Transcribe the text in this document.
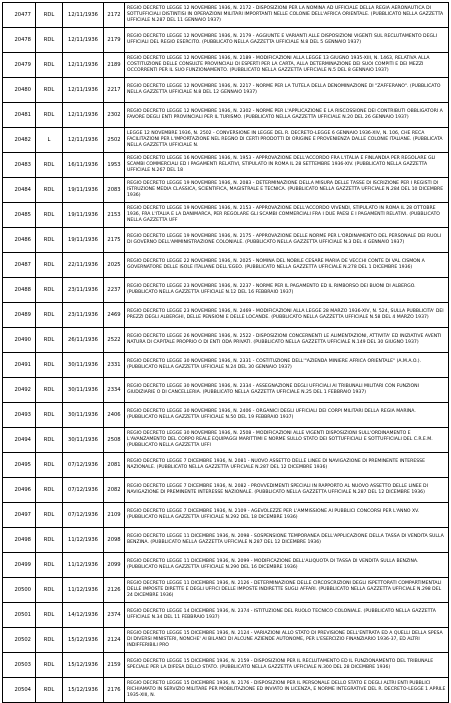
20477	RDL	12/11/1936	2172	REGIO DECRETO LEGGE 12 NOVEMBRE 1936, N. 2172 - DISPOSIZIONI PER LA NOMINA AD UFFICIALE DELLA REGIA AERONAUTICA DI SOTTUFFICIALI DISTINTISI IN OPERAZIONI MILITARI IMPORTANTI NELLE COLONIE DELL'AFRICA ORIENTALE. (PUBBLICATO NELLA GAZZETTA UFFICIALE N.287 DEL 11 GENNAIO 1937)

20478	RDL	12/11/1936	2179	REGIO DECRETO LEGGE 12 NOVEMBRE 1936, N. 2179 - AGGIUNTE E VARIANTI ALLE DISPOSIZIONI VIGENTI SUL RECLUTAMENTO DEGLI UFFICIALI DEL REGIO ESERCITO. (PUBBLICATO NELLA GAZZETTA UFFICIALE N.8 DEL 5 GENNAIO 1937)

20479	RDL	12/11/1936	2189	REGIO DECRETO LEGGE 12 NOVEMBRE 1936, N. 2189 - MODIFICAZIONI ALLA LEGGE 13 GIUGNO 1935-XIII, N. 1463, RELATIVA ALLA COSTITUZIONE DELLE CONSULTE PROVINCIALI DI ESPERTI PER LA CARTA, ALLA DETERMINAZIONE DEI SUOI COMPITI E DEI MEZZI OCCORRENTI PER IL SUO FUNZIONAMENTO. (PUBBLICATO NELLA GAZZETTA UFFICIALE N.5 DEL 8 GENNAIO 1937)

20480	RDL	12/11/1936	2217	REGIO DECRETO LEGGE 12 NOVEMBRE 1936, N. 2217 - NORME PER LA TUTELA DELLA DENOMINAZIONE DI "ZAFFERANO". (PUBBLICATO NELLA GAZZETTA UFFICIALE N.8 DEL 12 GENNAIO 1937)

20481	RDL	12/11/1936	2302	REGIO DECRETO LEGGE 12 NOVEMBRE 1936, N. 2302 - NORME PER L'APPLICAZIONE E LA RISCOSSIONE DEI CONTRIBUTI OBBLIGATORI A FAVORE DEGLI ENTI PROVINCIALI PER IL TURISMO. (PUBBLICATO NELLA GAZZETTA UFFICIALE N.20 DEL 26 GENNAIO 1937)

20482	L	12/11/1936	2502	LEGGE 12 NOVEMBRE 1936, N. 2502 - CONVERSIONE IN LEGGE DEL R. DECRETO-LEGGE 6 GENNAIO 1936-XIV, N. 106, CHE RECA FACILITAZIONI PER L'IMPORTAZIONE NEL REGNO DI CERTI PRODOTTI DI ORIGINE E PROVENIENZA DALLE COLONIE ITALIANE. (PUBBLICATA NELLA GAZZETTA UFFICIALE N.

20483	RDL	16/11/1936	1953	REGIO DECRETO LEGGE 16 NOVEMBRE 1936, N. 1953 - APPROVAZIONE DELL'ACCORDO FRA L'ITALIA E FINLANDIA PER REGOLARE GLI SCAMBI COMMERCIALI ED I PAGAMENTI RELATIVI, STIPULATO IN ROMA IL 28 SETTEMBRE 1936-XIV. (PUBBLICATO NELLA GAZZETTA UFFICIALE N.267 DEL 18

20484	RDL	19/11/1936	2083	REGIO DECRETO LEGGE 19 NOVEMBRE 1936, N. 2083 - DETERMINAZIONE DELLA MISURA DELLE TASSE DI ISCRIZIONE PER I REGISTI DI ISTRUZIONE MEDIA CLASSICA, SCIENTIFICA, MAGISTRALE E TECNICA. (PUBBLICATO NELLA GAZZETTA UFFICIALE N.284 DEL 10 DICEMBRE 1936)

20485	RDL	19/11/1936	2153	REGIO DECRETO LEGGE 19 NOVEMBRE 1936, N. 2153 - APPROVAZIONE DELL'ACCORDO VIVENDI, STIPULATO IN ROMA IL 28 OTTOBRE 1936, FRA L'ITALIA E LA DANIMARCA, PER REGOLARE GLI SCAMBI COMMERCIALI FRA I DUE PAESI E I PAGAMENTI RELATIVI. (PUBBLICATO NELLA GAZZETTA UFF

20486	RDL	19/11/1936	2175	REGIO DECRETO LEGGE 19 NOVEMBRE 1936, N. 2175 - APPROVAZIONE DELLE NORME PER L'ORDINAMENTO DEL PERSONALE DEI RUOLI DI GOVERNO DELL'AMMINISTRAZIONE COLONIALE. (PUBBLICATO NELLA GAZZETTA UFFICIALE N.3 DEL 4 GENNAIO 1937)

20487	RDL	22/11/1936	2025	REGIO DECRETO LEGGE 22 NOVEMBRE 1936, N. 2025 - NOMINA DEL NOBILE CESARE MARIA DE VECCHI CONTE DI VAL CISMON A GOVERNATORE DELLE ISOLE ITALIANE DELL'EGEO. (PUBBLICATO NELLA GAZZETTA UFFICIALE N.278 DEL 1 DICEMBRE 1936)

20488	RDL	23/11/1936	2237	REGIO DECRETO LEGGE 23 NOVEMBRE 1936, N. 2237 - NORME PER IL PAGAMENTO ED IL RIMBORSO DEI BUONI DI ALBERGO. (PUBBLICATO NELLA GAZZETTA UFFICIALE N.12 DEL 16 FEBBRAIO 1937)

20489	RDL	23/11/1936	2469	REGIO DECRETO LEGGE 23 NOVEMBRE 1936, N. 2469 - MODIFICAZIONI ALLA LEGGE 28 MARZO 1936-XIV, N. 524, SULLA PUBBLICITA' DEI PREZZI DEGLI ALBERGHI, DELLE PENSIONI E DELLE LOCANDE. (PUBBLICATO NELLA GAZZETTA UFFICIALE N.58 DEL 4 MARZO 1937)

20490	RDL	26/11/1936	2522	REGIO DECRETO LEGGE 26 NOVEMBRE 1936, N. 2522 - DISPOSIZIONI CONCERNENTI LE ALIMENTAZIONI, ATTIVITA' ED INIZIATIVE AVENTI NATURA DI CAPITALE PROPRIO O DI ENTI ODA PRIVATI. (PUBBLICATO NELLA GAZZETTA UFFICIALE N.149 DEL 30 GIUGNO 1937)

20491	RDL	30/11/1936	2331	REGIO DECRETO LEGGE 30 NOVEMBRE 1936, N. 2331 - COSTITUZIONE DELL'"AZIENDA MINIERE AFRICA ORIENTALE" (A.M.A.O.). (PUBBLICATO NELLA GAZZETTA UFFICIALE N.24 DEL 30 GENNAIO 1937)

20492	RDL	30/11/1936	2334	REGIO DECRETO LEGGE 30 NOVEMBRE 1936, N. 2334 - ASSEGNAZIONE DEGLI UFFICIALI AI TRIBUNALI MILITARI CON FUNZIONI GIUDIZIARIE O DI CANCELLERIA. (PUBBLICATO NELLA GAZZETTA UFFICIALE N.25 DEL 1 FEBBRAIO 1937)

20493	RDL	30/11/1936	2406	REGIO DECRETO LEGGE 30 NOVEMBRE 1936, N. 2406 - ORGANICI DEGLI UFFICIALI DEI CORPI MILITARI DELLA REGIA MARINA. (PUBBLICATO NELLA GAZZETTA UFFICIALE N.50 DEL 19 FEBBRAIO 1937)

20494	RDL	30/11/1936	2508	REGIO DECRETO LEGGE 30 NOVEMBRE 1936, N. 2508 - MODIFICAZIONI ALLE VIGENTI DISPOSIZIONI SULL'ORDINAMENTO E L'AVANZAMENTO DEL CORPO REALE EQUIPAGGI MARITTIMI E NORME SULLO STATO DEI SOTTUFFICIALI E SOTTUFFICIALI DEL C.R.E.M. (PUBBLICATO NELLA GAZZETTA UFFI

20495	RDL	07/12/1936	2081	REGIO DECRETO LEGGE 7 DICEMBRE 1936, N. 2081 - NUOVO ASSETTO DELLE LINEE DI NAVIGAZIONE DI PREMINENTE INTERESSE NAZIONALE. (PUBBLICATO NELLA GAZZETTA UFFICIALE N.287 DEL 12 DICEMBRE 1936)

20496	RDL	07/12/1936	2082	REGIO DECRETO LEGGE 7 DICEMBRE 1936, N. 2082 - PROVVEDIMENTI SPECIALI IN RAPPORTO AL NUOVO ASSETTO DELLE LINEE DI NAVIGAZIONE DI PREMINENTE INTERESSE NAZIONALE. (PUBBLICATO NELLA GAZZETTA UFFICIALE N.287 DEL 12 DICEMBRE 1936)

20497	RDL	07/12/1936	2109	REGIO DECRETO LEGGE 7 DICEMBRE 1936, N. 2109 - AGEVOLEZZE PER L'AMMISSIONE AI PUBBLICI CONCORSI PER L'ANNO XV. (PUBBLICATO NELLA GAZZETTA UFFICIALE N.292 DEL 18 DICEMBRE 1936)

20498	RDL	11/12/1936	2098	REGIO DECRETO LEGGE 11 DICEMBRE 1936, N. 2098 - SOSPENSIONE TEMPORANEA DELL'APPLICAZIONE DELLA TASSA DI VENDITA SULLA BENZINA. (PUBBLICATO NELLA GAZZETTA UFFICIALE N.287 DEL 12 DICEMBRE 1936)

20499	RDL	11/12/1936	2099	REGIO DECRETO LEGGE 11 DICEMBRE 1936, N. 2099 - MODIFICAZIONE DELL'ALIQUOTA DI TASSA DI VENDITA SULLA BENZINA. (PUBBLICATO NELLA GAZZETTA UFFICIALE N.290 DEL 16 DICEMBRE 1936)

20500	RDL	11/12/1936	2126	REGIO DECRETO LEGGE 11 DICEMBRE 1936, N. 2126 - DETERMINAZIONE DELLE CIRCOSCRIZIONI DEGLI ISPETTORATI COMPARTIMENTALI DELLE IMPOSTE DIRETTE E DEGLI UFFICI DELLE IMPOSTE INDIRETTE SUGLI AFFARI. (PUBBLICATO NELLA GAZZETTA UFFICIALE N.298 DEL 24 DICEMBRE 1936)

20501	RDL	14/12/1936	2374	REGIO DECRETO LEGGE 14 DICEMBRE 1936, N. 2374 - ISTITUZIONE DEL RUOLO TECNICO COLONIALE. (PUBBLICATO NELLA GAZZETTA UFFICIALE N.34 DEL 11 FEBBRAIO 1937)

20502	RDL	15/12/1936	2124	REGIO DECRETO LEGGE 15 DICEMBRE 1936, N. 2124 - VARIAZIONI ALLO STATO DI PREVISIONE DELL'ENTRATA ED A QUELLI DELLA SPESA DI DIVERSI MINISTERI, NONCHE' AI BILANCI DI ALCUNE AZIENDE AUTONOME, PER L'ESERCIZIO FINANZIARIO 1936-37, ED ALTRI INDIFFERIBILI PRO

20503	RDL	15/12/1936	2159	REGIO DECRETO LEGGE 15 DICEMBRE 1936, N. 2159 - DISPOSIZIONI PER IL RECLUTAMENTO ED IL FUNZIONAMENTO DEL TRIBUNALE SPECIALE PER LA DIFESA DELLO STATO. (PUBBLICATO NELLA GAZZETTA UFFICIALE N.300 DEL 28 DICEMBRE 1936)

20504	RDL	15/12/1936	2176	REGIO DECRETO LEGGE 15 DICEMBRE 1936, N. 2176 - DISPOSIZIONI PER IL PERSONALE DELLO STATO E DEGLI ALTRI ENTI PUBBLICI RICHIAMATO IN SERVIZIO MILITARE PER MOBILITAZIONE ED INVIATO IN LICENZA, E NORME INTEGRATIVE DEL R. DECRETO-LEGGE 1 APRILE 1935-XIII, N.
